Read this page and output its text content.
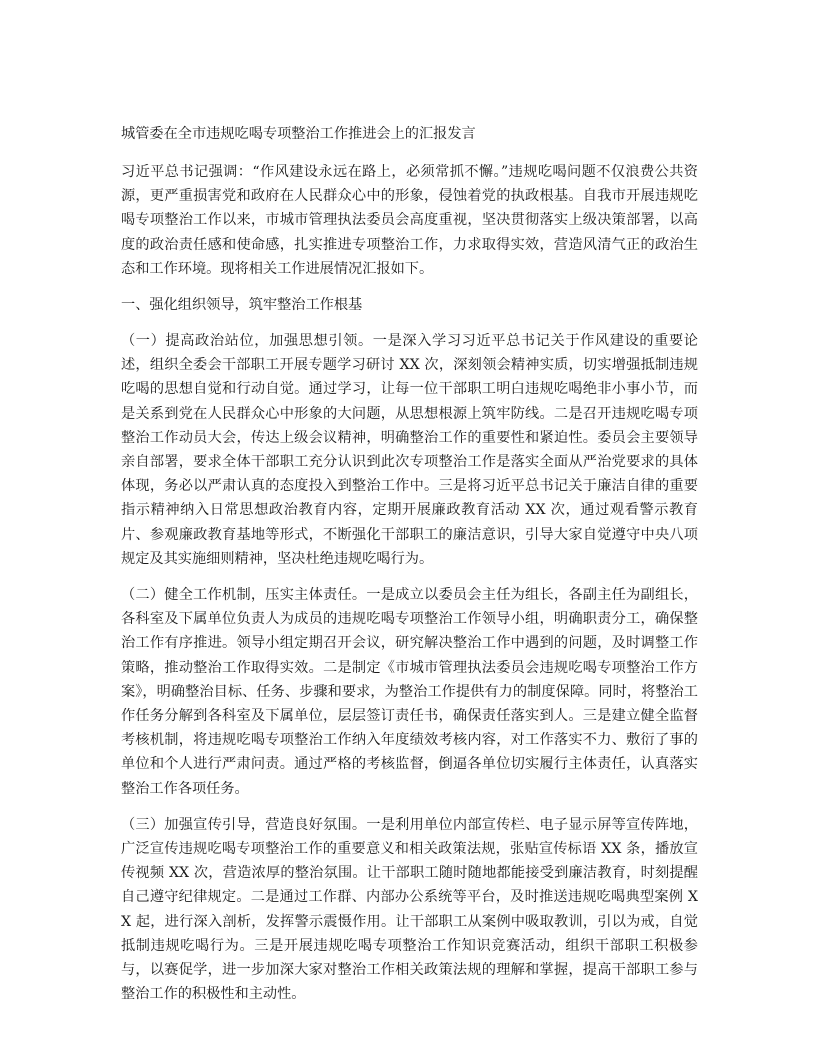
城管委在全市违规吃喝专项整治工作推进会上的汇报发言

习近平总书记强调：“作风建设永远在路上，必须常抓不懈。”违规吃喝问题不仅浪费公共资源，更严重损害党和政府在人民群众心中的形象，侵蚀着党的执政根基。自我市开展违规吃喝专项整治工作以来，市城市管理执法委员会高度重视，坚决贯彻落实上级决策部署，以高度的政治责任感和使命感，扎实推进专项整治工作，力求取得实效，营造风清气正的政治生态和工作环境。现将相关工作进展情况汇报如下。

一、强化组织领导，筑牢整治工作根基

（一）提高政治站位，加强思想引领。一是深入学习习近平总书记关于作风建设的重要论述，组织全委会干部职工开展专题学习研讨 XX 次，深刻领会精神实质，切实增强抵制违规吃喝的思想自觉和行动自觉。通过学习，让每一位干部职工明白违规吃喝绝非小事小节，而是关系到党在人民群众心中形象的大问题，从思想根源上筑牢防线。二是召开违规吃喝专项整治工作动员大会，传达上级会议精神，明确整治工作的重要性和紧迫性。委员会主要领导亲自部署，要求全体干部职工充分认识到此次专项整治工作是落实全面从严治党要求的具体体现，务必以严肃认真的态度投入到整治工作中。三是将习近平总书记关于廉洁自律的重要指示精神纳入日常思想政治教育内容，定期开展廉政教育活动 XX 次，通过观看警示教育片、参观廉政教育基地等形式，不断强化干部职工的廉洁意识，引导大家自觉遵守中央八项规定及其实施细则精神，坚决杜绝违规吃喝行为。

（二）健全工作机制，压实主体责任。一是成立以委员会主任为组长，各副主任为副组长，各科室及下属单位负责人为成员的违规吃喝专项整治工作领导小组，明确职责分工，确保整治工作有序推进。领导小组定期召开会议，研究解决整治工作中遇到的问题，及时调整工作策略，推动整治工作取得实效。二是制定《市城市管理执法委员会违规吃喝专项整治工作方案》，明确整治目标、任务、步骤和要求，为整治工作提供有力的制度保障。同时，将整治工作任务分解到各科室及下属单位，层层签订责任书，确保责任落实到人。三是建立健全监督考核机制，将违规吃喝专项整治工作纳入年度绩效考核内容，对工作落实不力、敷衍了事的单位和个人进行严肃问责。通过严格的考核监督，倒逼各单位切实履行主体责任，认真落实整治工作各项任务。

（三）加强宣传引导，营造良好氛围。一是利用单位内部宣传栏、电子显示屏等宣传阵地，广泛宣传违规吃喝专项整治工作的重要意义和相关政策法规，张贴宣传标语 XX 条，播放宣传视频 XX 次，营造浓厚的整治氛围。让干部职工随时随地都能接受到廉洁教育，时刻提醒自己遵守纪律规定。二是通过工作群、内部办公系统等平台，及时推送违规吃喝典型案例 XX 起，进行深入剖析，发挥警示震慑作用。让干部职工从案例中吸取教训，引以为戒，自觉抵制违规吃喝行为。三是开展违规吃喝专项整治工作知识竞赛活动，组织干部职工积极参与，以赛促学，进一步加深大家对整治工作相关政策法规的理解和掌握，提高干部职工参与整治工作的积极性和主动性。
